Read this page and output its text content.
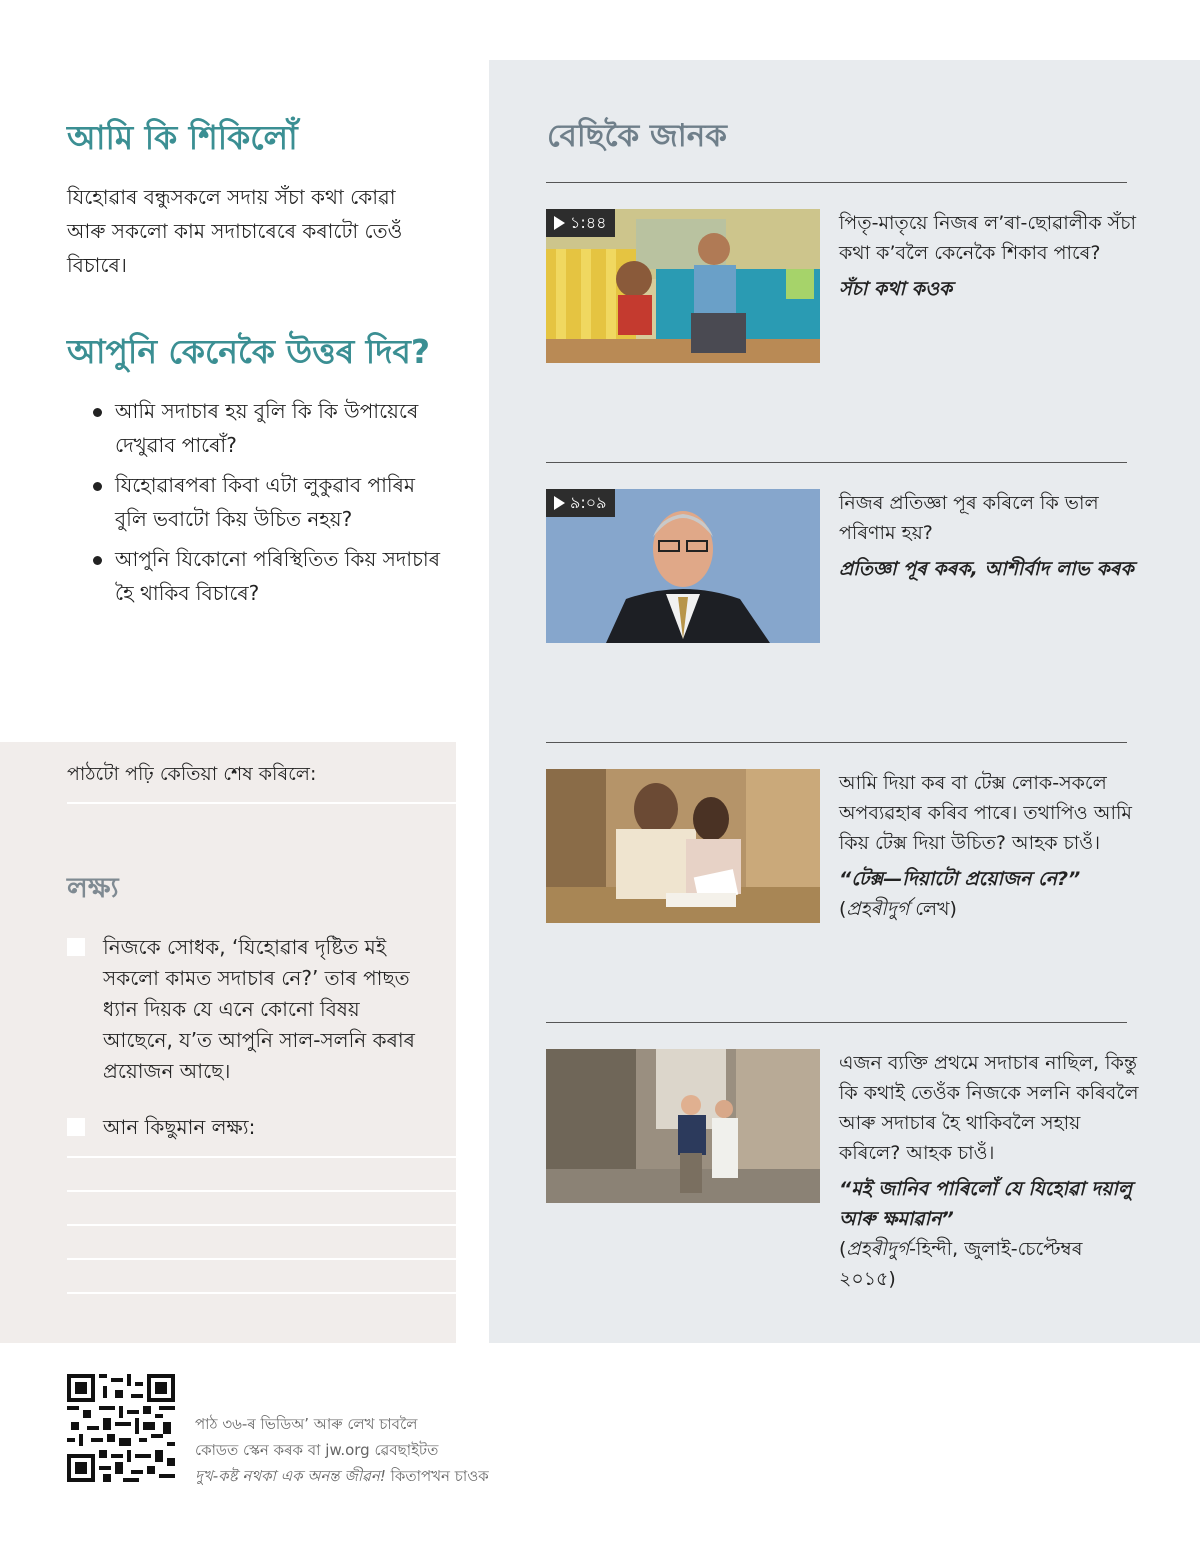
আমি কি শিকিলোঁ
যিহোৱাৰ বন্ধুসকলে সদায় সঁচা কথা কোৱা আৰু সকলো কাম সদাচাৰেৰে কৰাটো তেওঁ বিচাৰে।
আপুনি কেনেকৈ উত্তৰ দিব?
আমি সদাচাৰ হয় বুলি কি কি উপায়েৰে দেখুৱাব পাৰোঁ?
যিহোৱাৰপৰা কিবা এটা লুকুৱাব পাৰিম বুলি ভবাটো কিয় উচিত নহয়?
আপুনি যিকোনো পৰিস্থিতিত কিয় সদাচাৰ হৈ থাকিব বিচাৰে?
পাঠটো পঢ়ি কেতিয়া শেষ কৰিলে:
লক্ষ্য
নিজকে সোধক, ‘যিহোৱাৰ দৃষ্টিত মই সকলো কামত সদাচাৰ নে?’ তাৰ পাছত ধ্যান দিয়ক যে এনে কোনো বিষয় আছেনে, য’ত আপুনি সাল-সলনি কৰাৰ প্ৰয়োজন আছে।
আন কিছুমান লক্ষ্য:
বেছিকৈ জানক
১:৪৪	পিতৃ-মাতৃয়ে নিজৰ ল’ৰা-ছোৱালীক সঁচা কথা ক’বলৈ কেনেকৈ শিকাব পাৰে?
সঁচা কথা কওক
৯:০৯	নিজৰ প্ৰতিজ্ঞা পূৰ কৰিলে কি ভাল পৰিণাম হয়?
প্ৰতিজ্ঞা পূৰ কৰক, আশীৰ্বাদ লাভ কৰক
আমি দিয়া কৰ বা টেক্স লোক-সকলে অপব্যৱহাৰ কৰিব পাৰে। তথাপিও আমি কিয় টেক্স দিয়া উচিত? আহক চাওঁ।
“টেক্স—দিয়াটো প্ৰয়োজন নে?”
(প্ৰহৰীদুৰ্গ লেখ)
এজন ব্যক্তি প্ৰথমে সদাচাৰ নাছিল, কিন্তু কি কথাই তেওঁক নিজকে সলনি কৰিবলৈ আৰু সদাচাৰ হৈ থাকিবলৈ সহায় কৰিলে? আহক চাওঁ।
“মই জানিব পাৰিলোঁ যে যিহোৱা দয়ালু আৰু ক্ষমাৱান”
(প্ৰহৰীদুৰ্গ-হিন্দী, জুলাই-চেপ্টেম্বৰ ২০১৫)
পাঠ ৩৬-ৰ ভিডিঅ’ আৰু লেখ চাবলৈ
কোডত স্কেন কৰক বা jw.org ৱেবছাইটত
দুখ-কষ্ট নথকা এক অনন্ত জীৱন! কিতাপখন চাওক
